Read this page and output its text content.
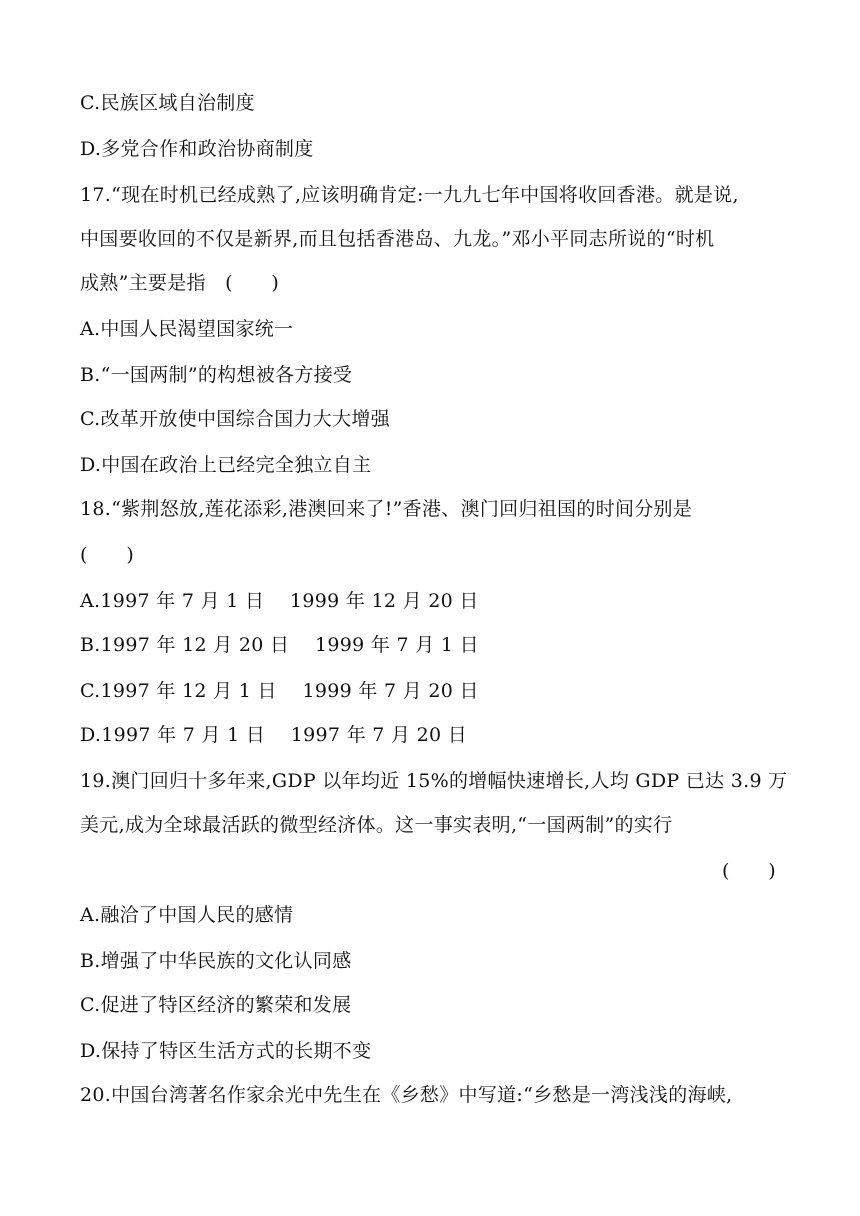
C.民族区域自治制度
D.多党合作和政治协商制度
17.“现在时机已经成熟了,应该明确肯定:一九九七年中国将收回香港。就是说,
中国要收回的不仅是新界,而且包括香港岛、九龙。”邓小平同志所说的“时机
成熟”主要是指　(　　)
A.中国人民渴望国家统一
B.“一国两制”的构想被各方接受
C.改革开放使中国综合国力大大增强
D.中国在政治上已经完全独立自主
18.“紫荆怒放,莲花添彩,港澳回来了!”香港、澳门回归祖国的时间分别是
(　　)
A.1997 年 7 月 1 日　 1999 年 12 月 20 日
B.1997 年 12 月 20 日　 1999 年 7 月 1 日
C.1997 年 12 月 1 日　 1999 年 7 月 20 日
D.1997 年 7 月 1 日　 1997 年 7 月 20 日
19.澳门回归十多年来,GDP 以年均近 15%的增幅快速增长,人均 GDP 已达 3.9 万
美元,成为全球最活跃的微型经济体。这一事实表明,“一国两制”的实行
(　　)
A.融洽了中国人民的感情
B.增强了中华民族的文化认同感
C.促进了特区经济的繁荣和发展
D.保持了特区生活方式的长期不变
20.中国台湾著名作家余光中先生在《乡愁》中写道:“乡愁是一湾浅浅的海峡,
